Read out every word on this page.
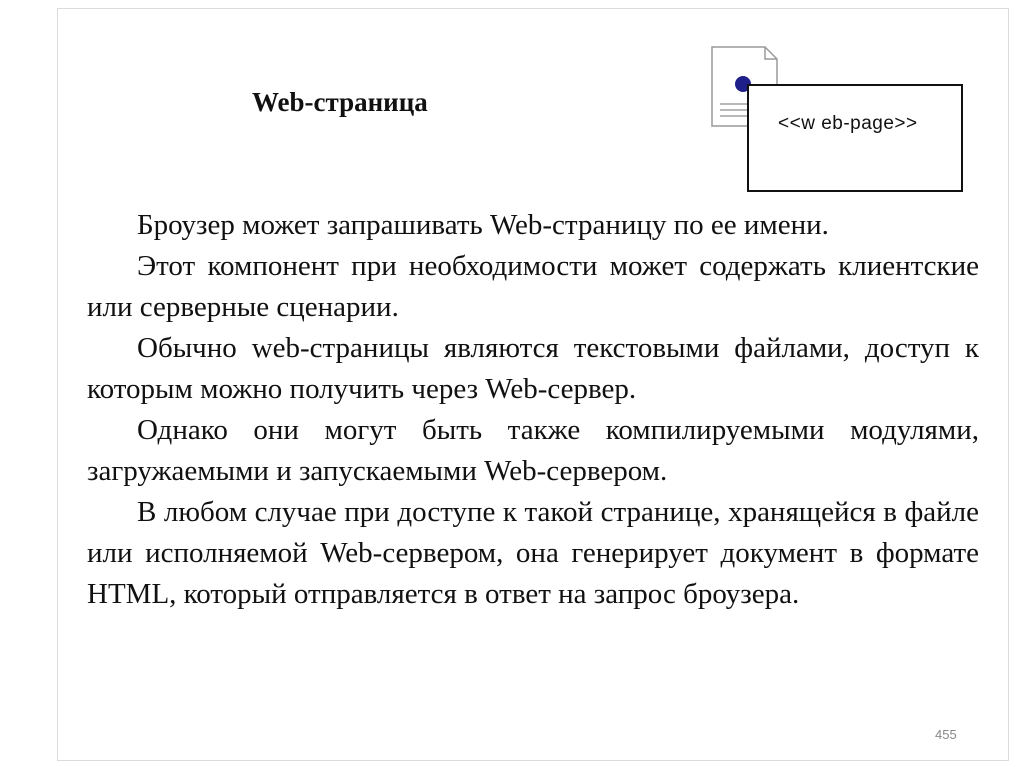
Web-страница
<<w eb-page>>

Броузер может запрашивать Web-страницу по ее имени.

Этот компонент при необходимости может содержать клиентские или серверные сценарии.

Обычно web-страницы являются текстовыми файлами, доступ к которым можно получить через Web-сервер.

Однако они могут быть также компилируемыми модулями, загружаемыми и запускаемыми Web-сервером.

В любом случае при доступе к такой странице, хранящейся в файле или исполняемой Web-сервером, она генерирует документ в формате HTML, который отправляется в ответ на запрос броузера.

455
